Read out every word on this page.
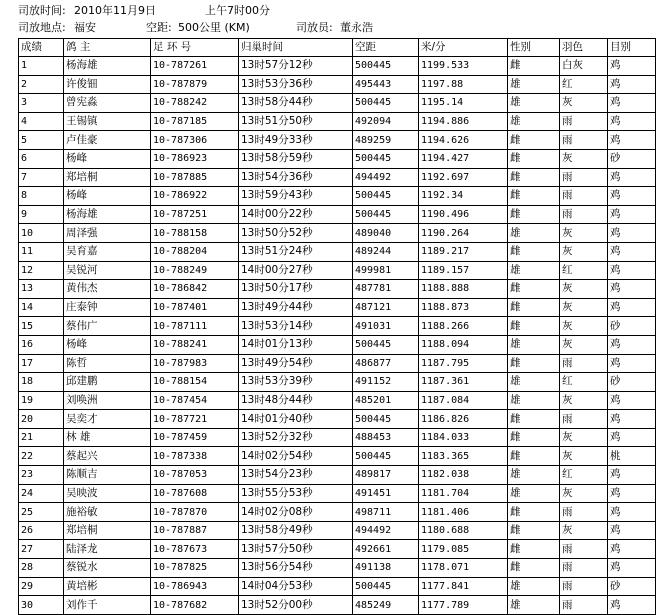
司放时间: 2010年11月9日	上午7时00分
司放地点: 福安	空距: 500公里 (KM)	司放员: 董永浩
成绩	鸽 主	足 环 号	归巢时间	空距	米/分	性别	羽色	目别
1	杨海雄	10-787261	13时57分12秒	500445	1199.533	雌	白灰	鸡
2	许俊钿	10-787879	13时53分36秒	495443	1197.88	雄	红	鸡
3	曾宪淼	10-788242	13时58分44秒	500445	1195.14	雄	灰	鸡
4	王锡镇	10-787185	13时51分50秒	492094	1194.886	雄	雨	鸡
5	卢佳豪	10-787306	13时49分33秒	489259	1194.626	雌	雨	鸡
6	杨峰	10-786923	13时58分59秒	500445	1194.427	雌	灰	砂
7	郑培桐	10-787885	13时54分36秒	494492	1192.697	雌	雨	鸡
8	杨峰	10-786922	13时59分43秒	500445	1192.34	雌	雨	鸡
9	杨海雄	10-787251	14时00分22秒	500445	1190.496	雌	雨	鸡
10	周泽强	10-788158	13时50分52秒	489040	1190.264	雄	灰	鸡
11	吴育嘉	10-788204	13时51分24秒	489244	1189.217	雌	灰	鸡
12	吴锐河	10-788249	14时00分27秒	499981	1189.157	雄	红	鸡
13	黄伟杰	10-786842	13时50分17秒	487781	1188.888	雌	灰	鸡
14	庄泰钟	10-787401	13时49分44秒	487121	1188.873	雌	灰	鸡
15	蔡伟广	10-787111	13时53分14秒	491031	1188.266	雌	灰	砂
16	杨峰	10-788241	14时01分13秒	500445	1188.094	雄	灰	鸡
17	陈哲	10-787983	13时49分54秒	486877	1187.795	雌	雨	鸡
18	邱建鹏	10-788154	13时53分39秒	491152	1187.361	雄	红	砂
19	刘唤洲	10-787454	13时48分44秒	485201	1187.084	雄	灰	鸡
20	吴奕才	10-787721	14时01分40秒	500445	1186.826	雌	雨	鸡
21	林 雄	10-787459	13时52分32秒	488453	1184.033	雌	灰	鸡
22	蔡起兴	10-787338	14时02分54秒	500445	1183.365	雌	灰	桃
23	陈顺吉	10-787053	13时54分23秒	489817	1182.038	雄	红	鸡
24	吴映波	10-787608	13时55分53秒	491451	1181.704	雄	灰	鸡
25	施裕敏	10-787870	14时02分08秒	498711	1181.406	雌	雨	鸡
26	郑培桐	10-787887	13时58分49秒	494492	1180.688	雌	灰	鸡
27	陆泽龙	10-787673	13时57分50秒	492661	1179.085	雌	雨	鸡
28	蔡锐水	10-787825	13时56分54秒	491138	1178.071	雌	雨	鸡
29	黄培彬	10-786943	14时04分53秒	500445	1177.841	雄	雨	砂
30	刘作千	10-787682	13时52分00秒	485249	1177.789	雄	雨	鸡
